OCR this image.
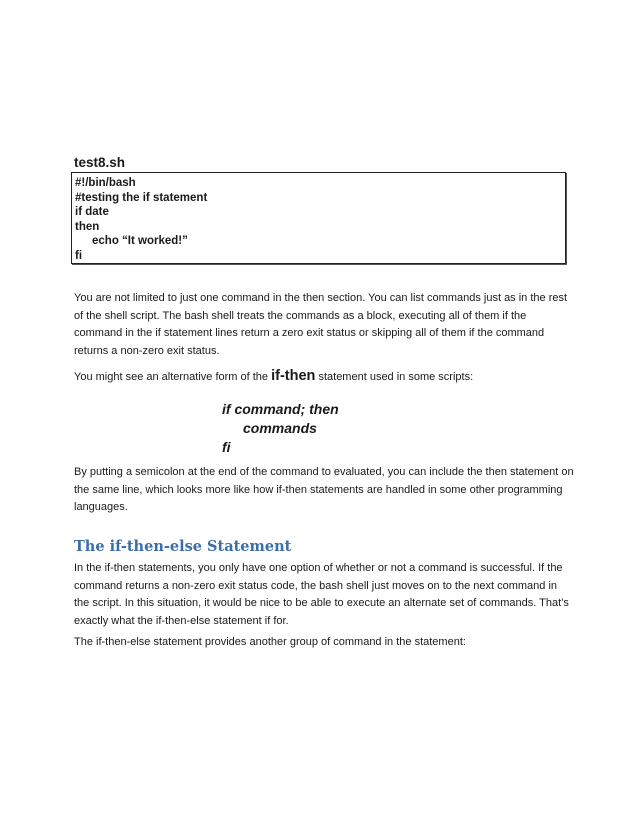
test8.sh
#!/bin/bash
#testing the if statement
if date
then
echo “It worked!”
fi

You are not limited to just one command in the then section. You can list commands just as in the rest of the shell script. The bash shell treats the commands as a block, executing all of them if the command in the if statement lines return a zero exit status or skipping all of them if the command returns a non-zero exit status.

You might see an alternative form of the if-then statement used in some scripts:

if command; then
commands
fi

By putting a semicolon at the end of the command to evaluated, you can include the then statement on the same line, which looks more like how if-then statements are handled in some other programming languages.

The if-then-else Statement

In the if-then statements, you only have one option of whether or not a command is successful. If the command returns a non-zero exit status code, the bash shell just moves on to the next command in the script. In this situation, it would be nice to be able to execute an alternate set of commands. That’s exactly what the if-then-else statement if for.

The if-then-else statement provides another group of command in the statement:
